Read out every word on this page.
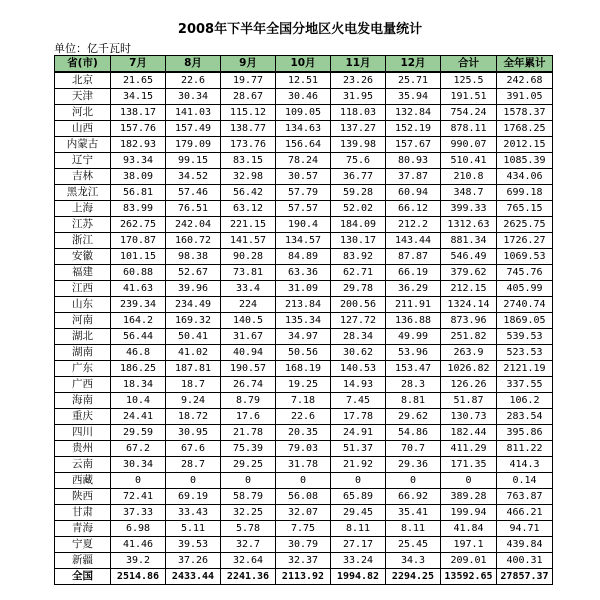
2008年下半年全国分地区火电发电量统计
单位：亿千瓦时
省(市)	7月	8月	9月	10月	11月	12月	合计	全年累计
北京	21.65	22.6	19.77	12.51	23.26	25.71	125.5	242.68
天津	34.15	30.34	28.67	30.46	31.95	35.94	191.51	391.05
河北	138.17	141.03	115.12	109.05	118.03	132.84	754.24	1578.37
山西	157.76	157.49	138.77	134.63	137.27	152.19	878.11	1768.25
内蒙古	182.93	179.09	173.76	156.64	139.98	157.67	990.07	2012.15
辽宁	93.34	99.15	83.15	78.24	75.6	80.93	510.41	1085.39
吉林	38.09	34.52	32.98	30.57	36.77	37.87	210.8	434.06
黑龙江	56.81	57.46	56.42	57.79	59.28	60.94	348.7	699.18
上海	83.99	76.51	63.12	57.57	52.02	66.12	399.33	765.15
江苏	262.75	242.04	221.15	190.4	184.09	212.2	1312.63	2625.75
浙江	170.87	160.72	141.57	134.57	130.17	143.44	881.34	1726.27
安徽	101.15	98.38	90.28	84.89	83.92	87.87	546.49	1069.53
福建	60.88	52.67	73.81	63.36	62.71	66.19	379.62	745.76
江西	41.63	39.96	33.4	31.09	29.78	36.29	212.15	405.99
山东	239.34	234.49	224	213.84	200.56	211.91	1324.14	2740.74
河南	164.2	169.32	140.5	135.34	127.72	136.88	873.96	1869.05
湖北	56.44	50.41	31.67	34.97	28.34	49.99	251.82	539.53
湖南	46.8	41.02	40.94	50.56	30.62	53.96	263.9	523.53
广东	186.25	187.81	190.57	168.19	140.53	153.47	1026.82	2121.19
广西	18.34	18.7	26.74	19.25	14.93	28.3	126.26	337.55
海南	10.4	9.24	8.79	7.18	7.45	8.81	51.87	106.2
重庆	24.41	18.72	17.6	22.6	17.78	29.62	130.73	283.54
四川	29.59	30.95	21.78	20.35	24.91	54.86	182.44	395.86
贵州	67.2	67.6	75.39	79.03	51.37	70.7	411.29	811.22
云南	30.34	28.7	29.25	31.78	21.92	29.36	171.35	414.3
西藏	0	0	0	0	0	0	0	0.14
陕西	72.41	69.19	58.79	56.08	65.89	66.92	389.28	763.87
甘肃	37.33	33.43	32.25	32.07	29.45	35.41	199.94	466.21
青海	6.98	5.11	5.78	7.75	8.11	8.11	41.84	94.71
宁夏	41.46	39.53	32.7	30.79	27.17	25.45	197.1	439.84
新疆	39.2	37.26	32.64	32.37	33.24	34.3	209.01	400.31
全国	2514.86	2433.44	2241.36	2113.92	1994.82	2294.25	13592.65	27857.37
